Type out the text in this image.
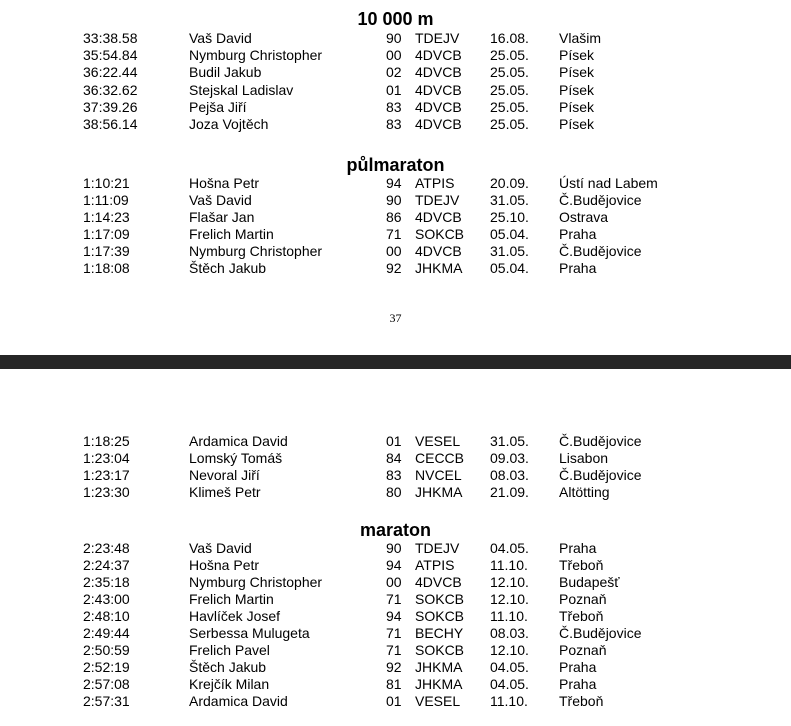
37
10 000 m
33:38.58	Vaš David	90 TDEJV 16.08. Vlašim
35:54.84	Nymburg Christopher	00 4DVCB 25.05. Písek
36:22.44	Budil Jakub	02 4DVCB 25.05. Písek
36:32.62	Stejskal Ladislav	01 4DVCB 25.05. Písek
37:39.26	Pejša Jiří	83 4DVCB 25.05. Písek
38:56.14	Joza Vojtěch	83 4DVCB 25.05. Písek
půlmaraton
1:10:21	Hošna Petr	94 ATPIS	20.09. Ústí nad Labem
1:11:09	Vaš David	90 TDEJV 31.05. Č.Budějovice
1:14:23	Flašar Jan	86 4DVCB 25.10. Ostrava
1:17:09	Frelich Martin	71 SOKCB 05.04. Praha
1:17:39	Nymburg Christopher	00 4DVCB 31.05. Č.Budějovice
1:18:08	Štěch Jakub	92 JHKMA 05.04. Praha
1:18:25	Ardamica David	01 VESEL 31.05. Č.Budějovice
1:23:04	Lomský Tomáš	84 CECCB 09.03. Lisabon
1:23:17	Nevoral Jiří	83 NVCEL 08.03. Č.Budějovice
1:23:30	Klimeš Petr	80 JHKMA 21.09. Altötting
maraton
2:23:48	Vaš David	90 TDEJV 04.05. Praha
2:24:37	Hošna Petr	94 ATPIS	11.10. Třeboň
2:35:18	Nymburg Christopher	00 4DVCB 12.10. Budapešť
2:43:00	Frelich Martin	71 SOKCB 12.10. Poznaň
2:48:10	Havlíček Josef	94 SOKCB 11.10. Třeboň
2:49:44	Serbessa Mulugeta	71 BECHY 08.03. Č.Budějovice
2:50:59	Frelich Pavel	71 SOKCB 12.10. Poznaň
2:52:19	Štěch Jakub	92 JHKMA 04.05. Praha
2:57:08	Krejčík Milan	81 JHKMA 04.05. Praha
2:57:31	Ardamica David	01 VESEL 11.10. Třeboň
